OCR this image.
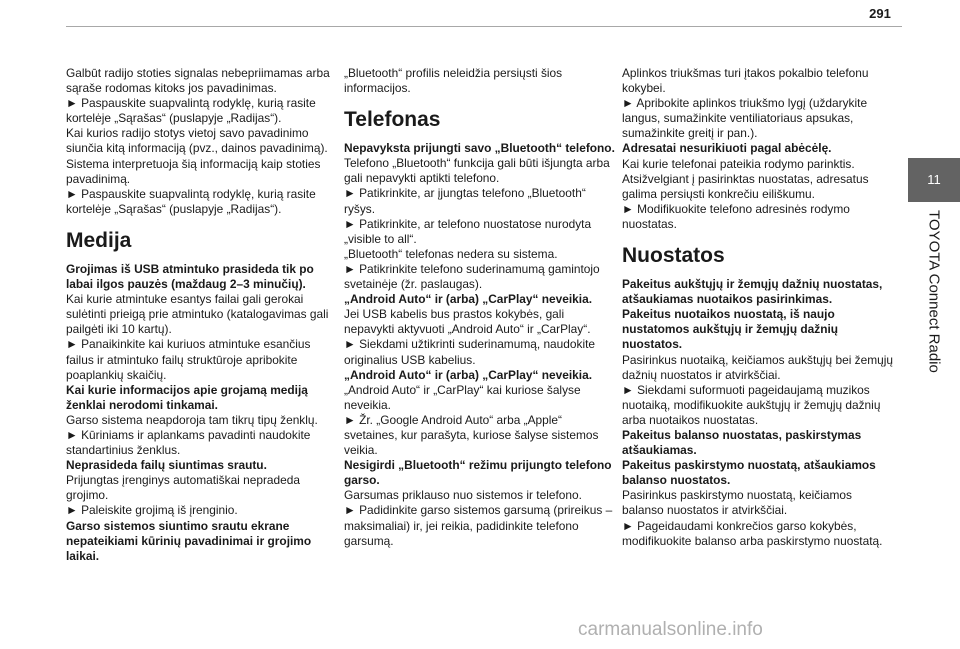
291
11
TOYOTA Connect Radio

Galbūt radijo stoties signalas nebepriimamas arba sąraše rodomas kitoks jos pavadinimas.

► Paspauskite suapvalintą rodyklę, kurią rasite kortelėje „Sąrašas“ (puslapyje „Radijas“).

Kai kurios radijo stotys vietoj savo pavadinimo siunčia kitą informaciją (pvz., dainos pavadinimą).

Sistema interpretuoja šią informaciją kaip stoties pavadinimą.

► Paspauskite suapvalintą rodyklę, kurią rasite kortelėje „Sąrašas“ (puslapyje „Radijas“).

Medija

Grojimas iš USB atmintuko prasideda tik po labai ilgos pauzės (maždaug 2–3 minučių).

Kai kurie atmintuke esantys failai gali gerokai sulėtinti prieigą prie atmintuko (katalogavimas gali pailgėti iki 10 kartų).

► Panaikinkite kai kuriuos atmintuke esančius failus ir atmintuko failų struktūroje apribokite poaplankių skaičių.

Kai kurie informacijos apie grojamą mediją ženklai nerodomi tinkamai.

Garso sistema neapdoroja tam tikrų tipų ženklų.

► Kūriniams ir aplankams pavadinti naudokite standartinius ženklus.

Neprasideda failų siuntimas srautu.

Prijungtas įrenginys automatiškai nepradeda grojimo.

► Paleiskite grojimą iš įrenginio.

Garso sistemos siuntimo srautu ekrane nepateikiami kūrinių pavadinimai ir grojimo laikai.

„Bluetooth“ profilis neleidžia persiųsti šios informacijos.

Telefonas

Nepavyksta prijungti savo „Bluetooth“ telefono.

Telefono „Bluetooth“ funkcija gali būti išjungta arba gali nepavykti aptikti telefono.

► Patikrinkite, ar įjungtas telefono „Bluetooth“ ryšys.

► Patikrinkite, ar telefono nuostatose nurodyta „visible to all“.

„Bluetooth“ telefonas nedera su sistema.

► Patikrinkite telefono suderinamumą gamintojo svetainėje (žr. paslaugas).

„Android Auto“ ir (arba) „CarPlay“ neveikia.

Jei USB kabelis bus prastos kokybės, gali nepavykti aktyvuoti „Android Auto“ ir „CarPlay“.

► Siekdami užtikrinti suderinamumą, naudokite originalius USB kabelius.

„Android Auto“ ir (arba) „CarPlay“ neveikia.

„Android Auto“ ir „CarPlay“ kai kuriose šalyse neveikia.

► Žr. „Google Android Auto“ arba „Apple“ svetaines, kur parašyta, kuriose šalyse sistemos veikia.

Nesigirdi „Bluetooth“ režimu prijungto telefono garso.

Garsumas priklauso nuo sistemos ir telefono.

► Padidinkite garso sistemos garsumą (prireikus – maksimaliai) ir, jei reikia, padidinkite telefono garsumą.

Aplinkos triukšmas turi įtakos pokalbio telefonu kokybei.

► Apribokite aplinkos triukšmo lygį (uždarykite langus, sumažinkite ventiliatoriaus apsukas, sumažinkite greitį ir pan.).

Adresatai nesurikiuoti pagal abėcėlę.

Kai kurie telefonai pateikia rodymo parinktis. Atsižvelgiant į pasirinktas nuostatas, adresatus galima persiųsti konkrečiu eiliškumu.

► Modifikuokite telefono adresinės rodymo nuostatas.

Nuostatos

Pakeitus aukštųjų ir žemųjų dažnių nuostatas, atšaukiamas nuotaikos pasirinkimas.

Pakeitus nuotaikos nuostatą, iš naujo nustatomos aukštųjų ir žemųjų dažnių nuostatos.

Pasirinkus nuotaiką, keičiamos aukštųjų bei žemųjų dažnių nuostatos ir atvirkščiai.

► Siekdami suformuoti pageidaujamą muzikos nuotaiką, modifikuokite aukštųjų ir žemųjų dažnių arba nuotaikos nuostatas.

Pakeitus balanso nuostatas, paskirstymas atšaukiamas.

Pakeitus paskirstymo nuostatą, atšaukiamos balanso nuostatos.

Pasirinkus paskirstymo nuostatą, keičiamos balanso nuostatos ir atvirkščiai.

► Pageidaudami konkrečios garso kokybės, modifikuokite balanso arba paskirstymo nuostatą.

carmanualsonline.info
